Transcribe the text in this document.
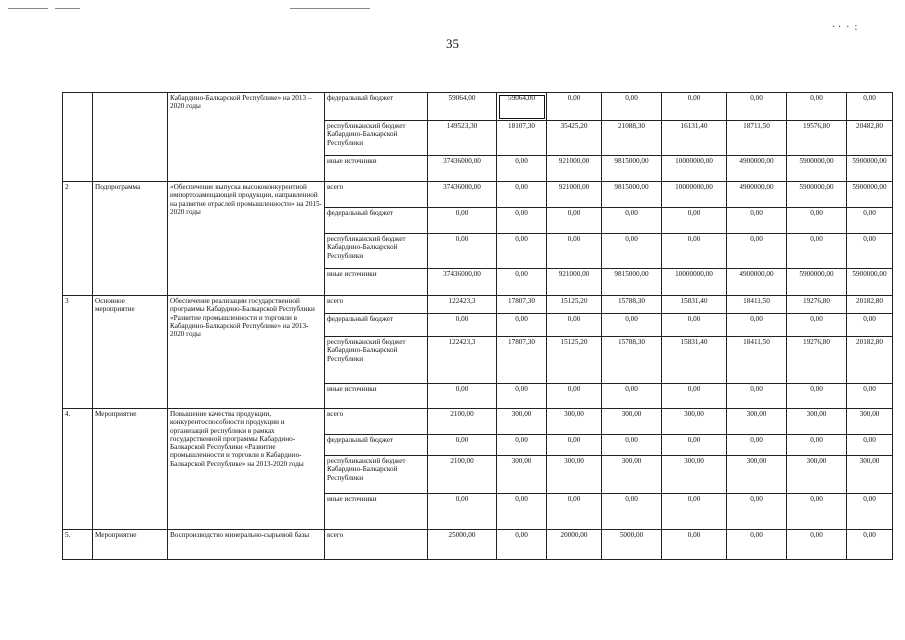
· ·  ·  :
35
		Кабардино-Балкарской Республике» на 2013 – 2020 годы	федеральный бюджет	59064,00	59064,00	0,00	0,00	0,00	0,00	0,00	0,00
			республиканский бюджет Кабардино-Балкарской Республики	149523,30	18107,30	35425,20	21088,30	16131,40	18711,50	19576,80	20482,80
			иные источники	37436000,00	0,00	921000,00	9815000,00	10000000,00	4900000,00	5900000,00	5900000,00
2	Подпрограмма	«Обеспечение выпуска высококонкурентной импортозамещающей продукции, направленной на развитие отраслей промышленности» на 2015-2020 годы	всего	37436000,00	0,00	921000,00	9815000,00	10000000,00	4900000,00	5900000,00	5900000,00
			федеральный бюджет	0,00	0,00	0,00	0,00	0,00	0,00	0,00	0,00
			республиканский бюджет Кабардино-Балкарской Республики	0,00	0,00	0,00	0,00	0,00	0,00	0,00	0,00
			иные источники	37436000,00	0,00	921000,00	9815000,00	10000000,00	4900000,00	5900000,00	5900000,00
3	Основное мероприятие	Обеспечение реализации государственной программы Кабардино-Балкарской Республики «Развитие промышленности и торговли в Кабардино-Балкарской Республике» на 2013-2020 годы	всего	122423,3	17807,30	15125,20	15788,30	15831,40	18411,50	19276,80	20182,80
			федеральный бюджет	0,00	0,00	0,00	0,00	0,00	0,00	0,00	0,00
			республиканский бюджет Кабардино-Балкарской Республики	122423,3	17807,30	15125,20	15788,30	15831,40	18411,50	19276,80	20182,80
			иные источники	0,00	0,00	0,00	0,00	0,00	0,00	0,00	0,00
4.	Мероприятие	Повышение качества продукции, конкурентоспособности продукции и организаций республики в рамках государственной программы Кабардино-Балкарской Республики «Развитие промышленности и торговли в Кабардино-Балкарской Республике» на 2013-2020 годы	всего	2100,00	300,00	300,00	300,00	300,00	300,00	300,00	300,00
			федеральный бюджет	0,00	0,00	0,00	0,00	0,00	0,00	0,00	0,00
			республиканский бюджет Кабардино-Балкарской Республики	2100,00	300,00	300,00	300,00	300,00	300,00	300,00	300,00
			иные источники	0,00	0,00	0,00	0,00	0,00	0,00	0,00	0,00
5.	Мероприятие	Воспроизводство минерально-сырьевой базы	всего	25000,00	0,00	20000,00	5000,00	0,00	0,00	0,00	0,00
